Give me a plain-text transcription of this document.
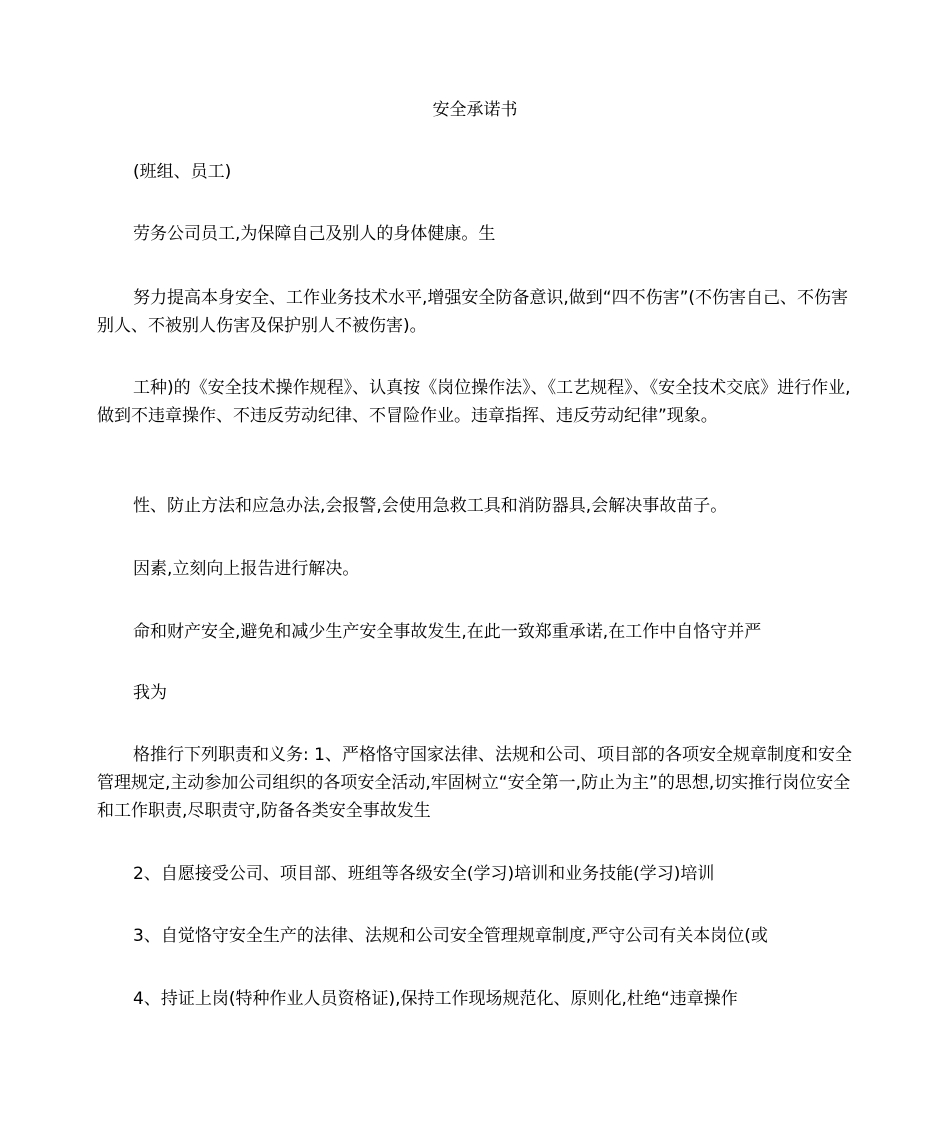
安全承诺书
(班组、员工)
劳务公司员工,为保障自己及别人的身体健康。生
努力提高本身安全、工作业务技术水平,增强安全防备意识,做到“四不伤害”(不伤害自己、不伤害别人、不被别人伤害及保护别人不被伤害)。
工种)的《安全技术操作规程》、认真按《岗位操作法》、《工艺规程》、《安全技术交底》进行作业,做到不违章操作、不违反劳动纪律、不冒险作业。违章指挥、违反劳动纪律”现象。
性、防止方法和应急办法,会报警,会使用急救工具和消防器具,会解决事故苗子。
因素,立刻向上报告进行解决。
命和财产安全,避免和减少生产安全事故发生,在此一致郑重承诺,在工作中自恪守并严
我为
格推行下列职责和义务: 1、严格恪守国家法律、法规和公司、项目部的各项安全规章制度和安全管理规定,主动参加公司组织的各项安全活动,牢固树立“安全第一,防止为主”的思想,切实推行岗位安全和工作职责,尽职责守,防备各类安全事故发生
2、自愿接受公司、项目部、班组等各级安全(学习)培训和业务技能(学习)培训
3、自觉恪守安全生产的法律、法规和公司安全管理规章制度,严守公司有关本岗位(或
4、持证上岗(特种作业人员资格证),保持工作现场规范化、原则化,杜绝“违章操作
